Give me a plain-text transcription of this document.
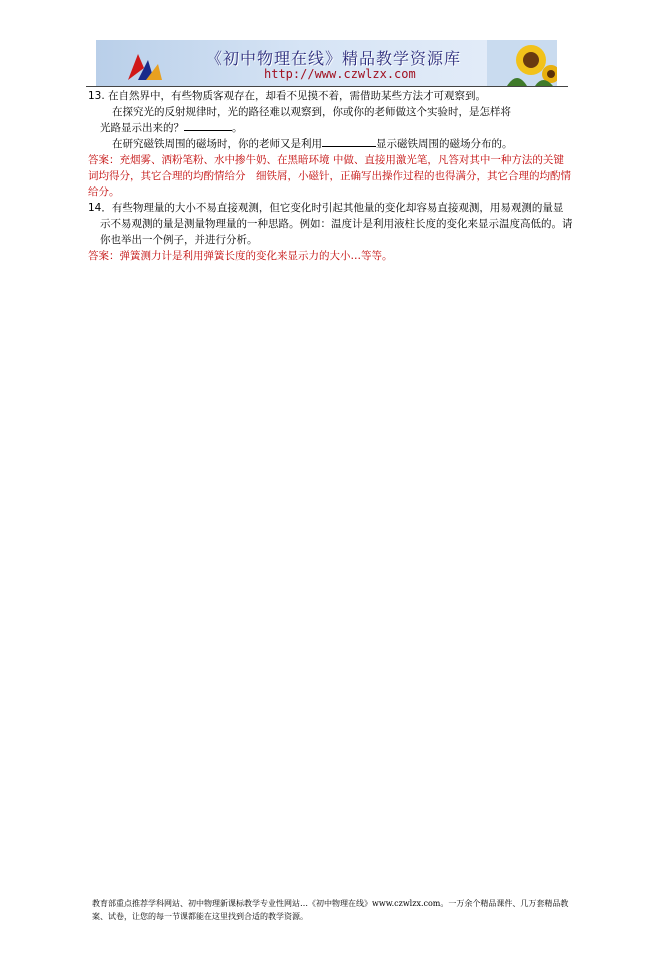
《初中物理在线》精品教学资源库
http://www.czwlzx.com

13. 在自然界中，有些物质客观存在，却看不见摸不着，需借助某些方法才可观察到。

在探究光的反射规律时，光的路径难以观察到，你或你的老师做这个实验时，是怎样将

光路显示出来的？	。

在研究磁铁周围的磁场时，你的老师又是利用	显示磁铁周围的磁场分布的。

答案：充烟雾、洒粉笔粉、水中掺牛奶、在黑暗环境 中做、直接用激光笔，凡答对其中一种方法的关键词均得分，其它合理的均酌情给分　细铁屑，小磁针，正确写出操作过程的也得满分，其它合理的均酌情给分。

14．有些物理量的大小不易直接观测，但它变化时引起其他量的变化却容易直接观测，用易观测的量显示不易观测的量是测量物理量的一种思路。例如：温度计是利用液柱长度的变化来显示温度高低的。请你也举出一个例子，并进行分析。

答案：弹簧测力计是利用弹簧长度的变化来显示力的大小…等等。

教育部重点推荐学科网站、初中物理新课标教学专业性网站…《初中物理在线》www.czwlzx.com。一万余个精品课件、几万套精品教案、试卷，让您的每一节课都能在这里找到合适的教学资源。
